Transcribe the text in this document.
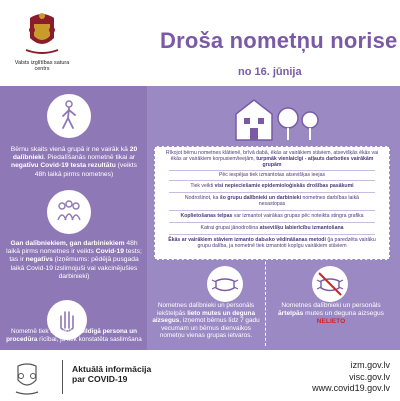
Valsts izglītības satura centrs
Droša nometņu norise
no 16. jūnija
Bērnu skaits vienā grupā ir ne vairāk kā 20 dalībnieki. Piedalīšanās nometnē tikai ar negatīvu Covid-19 testa rezultātu (veikts 48h laikā pirms nometnes)
Gan dalībniekiem, gan darbiniekiem 48h laikā pirms nometnes ir veikts Covid-19 tests; tas ir negatīvs (izņēmums: pēdējā pusgada laikā Covid-19 izslimojuši vai vakcinējušies darbinieki)
Nometnē tiek noteikta atbildīgā persona un procedūra rīcībai, ja tiek konstatēta saslimšana
Rīkojot bērnu nometnes klātienē, brīvā dabā, ēkās ar vairākiem stāviem, atsevišķās ēkās vai ēkās ar vairākiem korpusiem/ieejām, turpmāk vienlaicīgi - atļauts darboties vairākām grupām
Pēc iespējas tiek izmantotas atsevišķas ieejas
Tiek veikti visi nepieciešamie epidemioloģiskās drošības pasākumi
Nodrošinot, ka šo grupu dalībnieki un darbinieki nometnes darbības laikā nesastopas
Koplietošanas telpas var izmantot vairākas grupas pēc noteikta stingra grafika
Katrai grupai jānodrošina atsevišķu labierīcību izmantošana
Ēkās ar vairākiem stāviem izmanto dabisko vēdināšanas metodi (ja paredzēta vairāku grupu dalība, ja nometnē tiek izmantoti kopīgu vairākiem stāviem
Nometnes dalībnieki un personāls iekštelpās lieto mutes un deguna aizsegus, izņemot bērnus līdz 7 gadu vecumam un bērnus dienvaikos nometņu vienas grupas ietvaros.
Nometnes dalībnieki un personāls ārtelpās mutes un deguna aizsegus
NELIETO
Aktuālā informācija
par COVID-19
izm.gov.lv
visc.gov.lv
www.covid19.gov.lv
